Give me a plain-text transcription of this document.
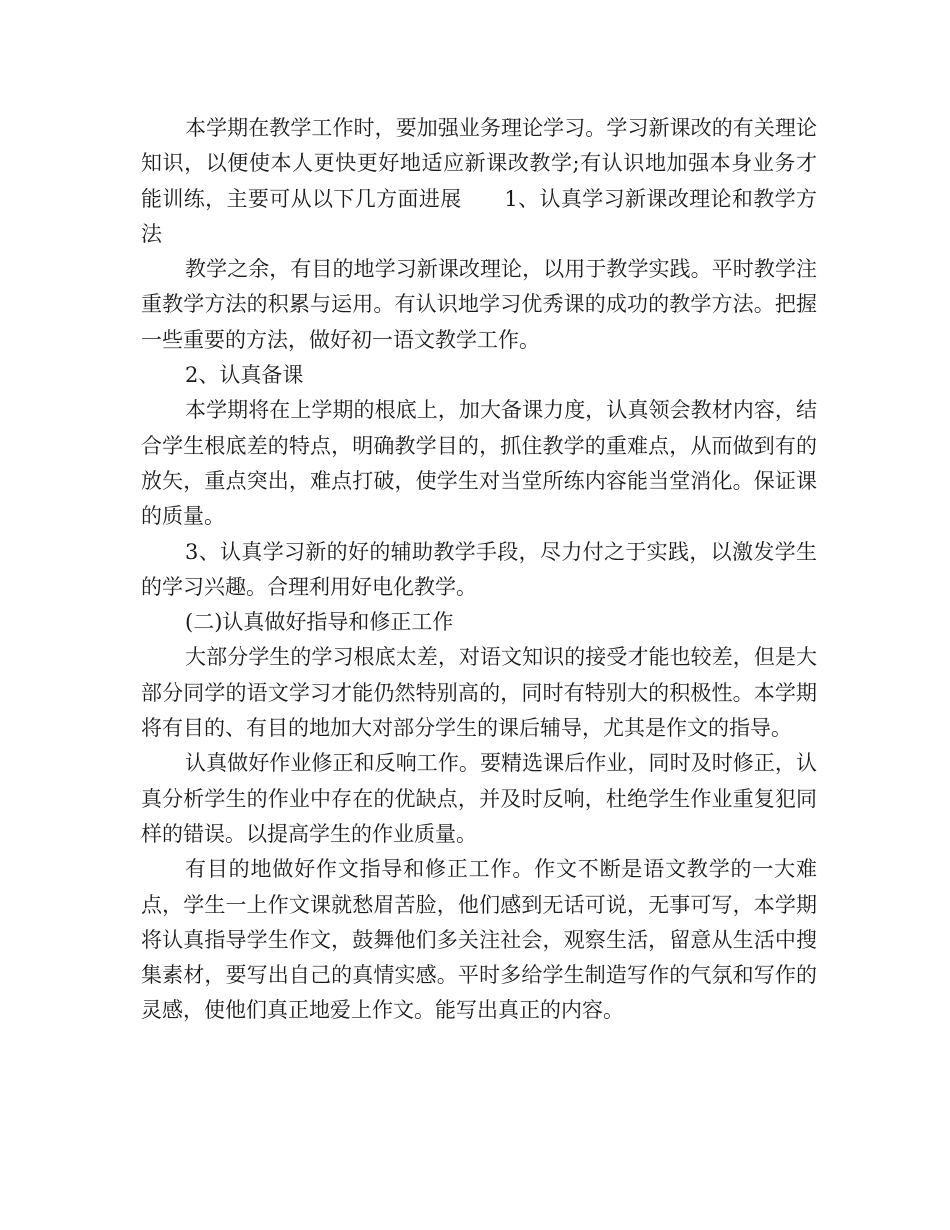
本学期在教学工作时，要加强业务理论学习。学习新课改的有关理论知识，以便使本人更快更好地适应新课改教学;有认识地加强本身业务才能训练，主要可从以下几方面进展　　1、认真学习新课改理论和教学方法

教学之余，有目的地学习新课改理论，以用于教学实践。平时教学注重教学方法的积累与运用。有认识地学习优秀课的成功的教学方法。把握一些重要的方法，做好初一语文教学工作。

2、认真备课

本学期将在上学期的根底上，加大备课力度，认真领会教材内容，结合学生根底差的特点，明确教学目的，抓住教学的重难点，从而做到有的放矢，重点突出，难点打破，使学生对当堂所练内容能当堂消化。保证课的质量。

3、认真学习新的好的辅助教学手段，尽力付之于实践，以激发学生的学习兴趣。合理利用好电化教学。

(二)认真做好指导和修正工作

大部分学生的学习根底太差，对语文知识的接受才能也较差，但是大部分同学的语文学习才能仍然特别高的，同时有特别大的积极性。本学期将有目的、有目的地加大对部分学生的课后辅导，尤其是作文的指导。

认真做好作业修正和反响工作。要精选课后作业，同时及时修正，认真分析学生的作业中存在的优缺点，并及时反响，杜绝学生作业重复犯同样的错误。以提高学生的作业质量。

有目的地做好作文指导和修正工作。作文不断是语文教学的一大难点，学生一上作文课就愁眉苦脸，他们感到无话可说，无事可写，本学期将认真指导学生作文，鼓舞他们多关注社会，观察生活，留意从生活中搜集素材，要写出自己的真情实感。平时多给学生制造写作的气氛和写作的灵感，使他们真正地爱上作文。能写出真正的内容。
